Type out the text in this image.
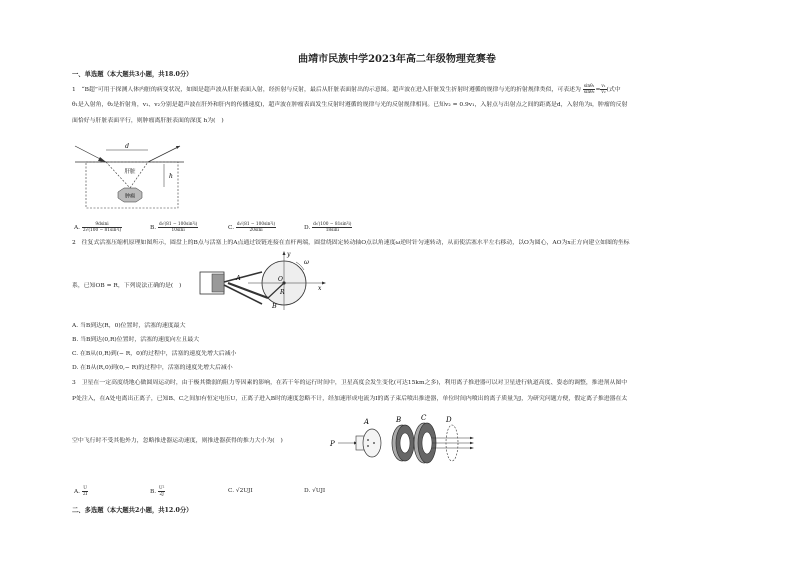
曲靖市民族中学2023年高二年级物理竞赛卷
一、单选题（本大题共3小题，共18.0分）
1　“B超”可用于探测人体内脏的病变状况，如图是超声波从肝脏表面入射，经折射与反射，最后从肝脏表面射出的示意图。超声波在进入肝脏发生折射时遵循的规律与光的折射规律类似，可表述为 $\frac{\text{sinθ₁}}{\text{sinθ₂}} = \frac{\text{v₁}}{\text{v₂}}$ (式中
θ₁是入射角，θ₂是折射角，v₁、v₂分别是超声波在肝外和肝内的传播速度)，超声波在肿瘤表面发生反射时遵循的规律与光的反射规律相同。已知v₂ = 0.9v₁，入射点与出射点之间的距离是d，入射角为i，肿瘤的反射
面恰好与肝脏表面平行，则肿瘤离肝脏表面的深度 h为(　)
d
h
肝脏
肿瘤
A. $\frac{9dsini}{\text{2√(100 − 81sin²i)}}$	B. $\frac{\text{d√(81 − 100sin²i)}}{10\sin i}$	C. $\frac{\text{d√(81 − 100sin²i)}}{20\sin i}$	D. $\frac{\text{d√(100 − 81sin²i)}}{18\sin i}$
2　往复式活塞压缩机原理如图所示，圆盘上的B点与活塞上的A点通过铰链连接在直杆两端，圆盘绕固定转动轴O点以角速度ω逆时针匀速转动，从而使活塞水平左右移动，以O为圆心，AO为x正方向建立如图的坐标
A
B
O
R
x
y
ω
系，已知OB = R，下列说法正确的是(　)
A. 当B到达(R，0)位置时，活塞的速度最大
B. 当B到达(0,R)位置时，活塞的速度向左且最大
C. 在B从(0,R)到(− R，0)的过程中，活塞的速度先增大后减小
D. 在B从(R,0)到(0,− R)的过程中，活塞的速度先增大后减小
3　卫星在一定高度绕地心做圆周运动时，由于极其微弱的阻力等因素的影响，在若干年的运行时间中，卫星高度会发生变化(可达15km之多)，利用离子推进器可以对卫星进行轨道高度、姿态的调整，推进剂从图中
P处注入，在A处电离出正离子，已知B、C之间加有恒定电压U，正离子进入B时的速度忽略不计，经加速形成电流为I的离子束后喷出推进器，单位时间内喷出的离子质量为J，为研究问题方便，假定离子推进器在太
P
A	B	C	D
空中飞行时不受其他外力，忽略推进器运动速度，则推进器获得的推力大小为(　)
A. $\frac{U}{2I}$	B. $\frac{\text{U²}}{2J}$	C. √2UJI	D. √UJI
二、多选题（本大题共2小题，共12.0分）
